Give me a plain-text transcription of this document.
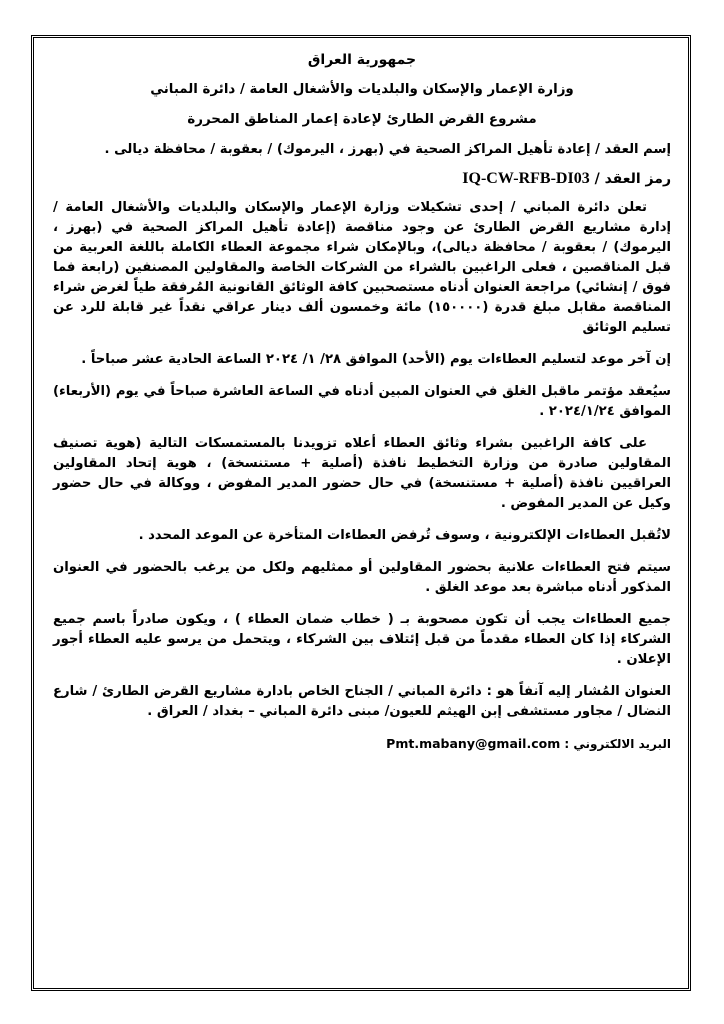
جمهورية العراق

وزارة الإعمار والإسكان والبلديات والأشغال العامة / دائرة المباني

مشروع القرض الطارئ لإعادة إعمار المناطق المحررة

إسم العقد / إعادة تأهيل المراكز الصحية في (بهرز ، اليرموك) / بعقوبة / محافظة ديالى .

رمز العقد / IQ-CW-RFB-DI03

تعلن دائرة المباني / إحدى تشكيلات وزارة الإعمار والإسكان والبلديات والأشغال العامة / إدارة مشاريع القرض الطارئ عن وجود مناقصة (إعادة تأهيل المراكز الصحية في (بهرز ، اليرموك) / بعقوبة / محافظة ديالى)، وبالإمكان شراء مجموعة العطاء الكاملة باللغة العربية من قبل المناقصين ، فعلى الراغبين بالشراء من الشركات الخاصة والمقاولين المصنفين (رابعة فما فوق / إنشائي) مراجعة العنوان أدناه مستصحبين كافة الوثائق القانونية المُرفقة طياً لغرض شراء المناقصة مقابل مبلغ قدرة (١٥٠٠٠٠) مائة وخمسون ألف دينار عراقي نقداً غير قابلة للرد عن تسليم الوثائق

إن آخر موعد لتسليم العطاءات يوم (الأحد) الموافق ٢٨/ ١/ ٢٠٢٤ الساعة الحادية عشر صباحاً .

سيُعقد مؤتمر ماقبل الغلق في العنوان المبين أدناه في الساعة العاشرة صباحاً في يوم (الأربعاء) الموافق ٢٠٢٤/١/٢٤ .

على كافة الراغبين بشراء وثائق العطاء أعلاه تزويدنا بالمستمسكات التالية (هوية تصنيف المقاولين صادرة من وزارة التخطيط نافذة (أصلية + مستنسخة) ، هوية إتحاد المقاولين العراقيين نافذة (أصلية + مستنسخة) في حال حضور المدير المفوض ، ووكالة في حال حضور وكيل عن المدير المفوض .

لاتُقبل العطاءات الإلكترونية ، وسوف تُرفض العطاءات المتأخرة عن الموعد المحدد .

سيتم فتح العطاءات علانية بحضور المقاولين أو ممثليهم ولكل من يرغب بالحضور في العنوان المذكور أدناه مباشرة بعد موعد الغلق .

جميع العطاءات يجب أن تكون مصحوبة بـ ( خطاب ضمان العطاء ) ، ويكون صادراً باسم جميع الشركاء إذا كان العطاء مقدماً من قبل إئتلاف بين الشركاء ، ويتحمل من يرسو عليه العطاء أجور الإعلان .

العنوان المُشار إليه آنفاً هو : دائرة المباني / الجناح الخاص بادارة مشاريع القرض الطارئ / شارع النضال / مجاور مستشفى إبن الهيثم للعيون/ مبنى دائرة المباني – بغداد / العراق .

البريد الالكتروني : Pmt.mabany@gmail.com
